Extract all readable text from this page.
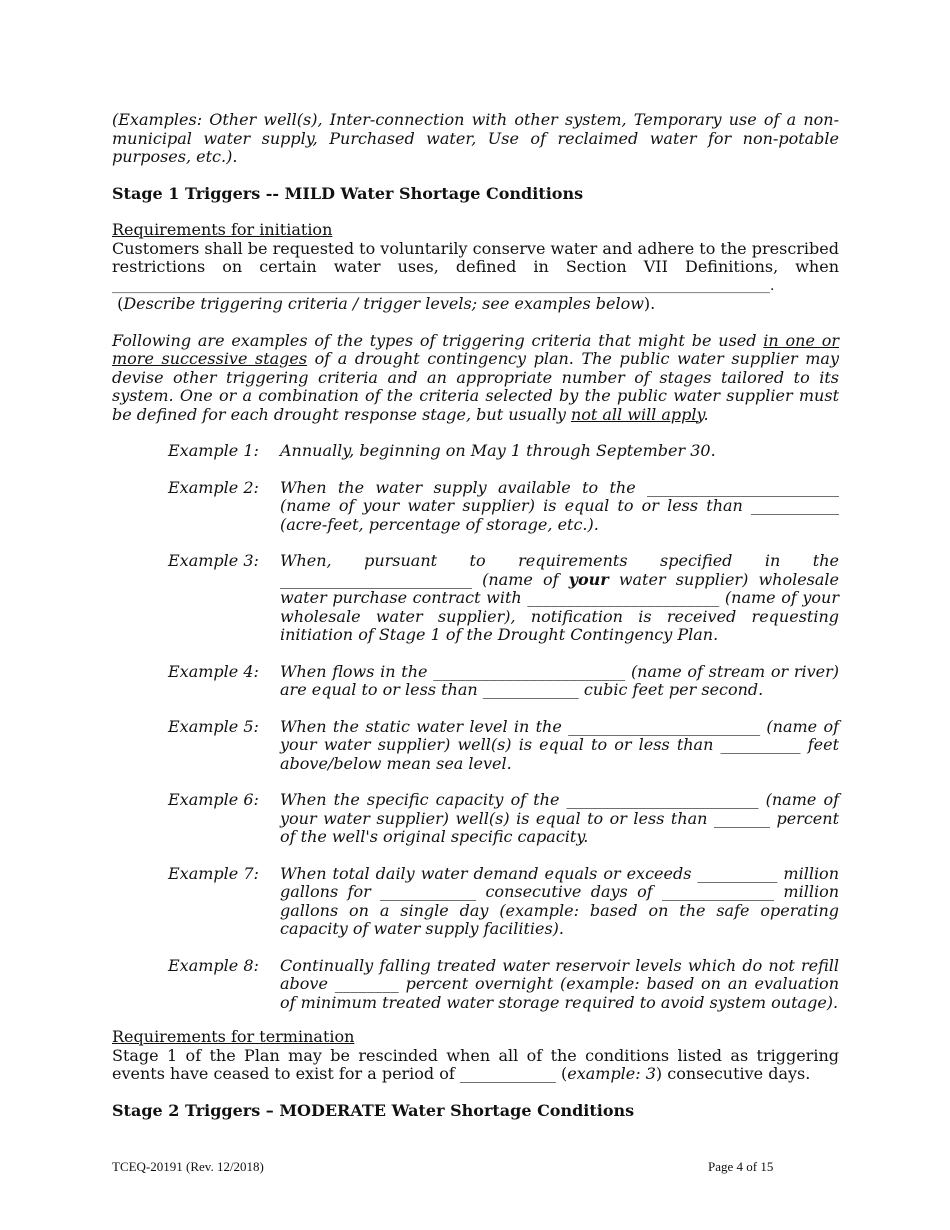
(Examples: Other well(s), Inter-connection with other system, Temporary use of a non-municipal water supply, Purchased water, Use of reclaimed water for non-potable purposes, etc.).

Stage 1 Triggers -- MILD Water Shortage Conditions

Requirements for initiation

Customers shall be requested to voluntarily conserve water and adhere to the prescribed restrictions on certain water uses, defined in Section VII Definitions, when

______________________________________________________________________________________________.

(Describe triggering criteria / trigger levels; see examples below).

Following are examples of the types of triggering criteria that might be used in one or more successive stages of a drought contingency plan. The public water supplier may devise other triggering criteria and an appropriate number of stages tailored to its system. One or a combination of the criteria selected by the public water supplier must be defined for each drought response stage, but usually not all will apply.

Example 1:	Annually, beginning on May 1 through September 30.
Example 2:	When the water supply available to the ________________________ (name of your water supplier) is equal to or less than ___________ (acre-feet, percentage of storage, etc.).
Example 3:	When, pursuant to requirements specified in the ________________________ (name of your water supplier) wholesale water purchase contract with ________________________ (name of your wholesale water supplier), notification is received requesting initiation of Stage 1 of the Drought Contingency Plan.
Example 4:	When flows in the ________________________ (name of stream or river) are equal to or less than ____________ cubic feet per second.
Example 5:	When the static water level in the ________________________ (name of your water supplier) well(s) is equal to or less than __________ feet above/below mean sea level.
Example 6:	When the specific capacity of the ________________________ (name of your water supplier) well(s) is equal to or less than _______ percent of the well's original specific capacity.
Example 7:	When total daily water demand equals or exceeds __________ million gallons for ____________ consecutive days of ______________ million gallons on a single day (example: based on the safe operating capacity of water supply facilities).
Example 8:	Continually falling treated water reservoir levels which do not refill above ________ percent overnight (example: based on an evaluation of minimum treated water storage required to avoid system outage).

Requirements for termination

Stage 1 of the Plan may be rescinded when all of the conditions listed as triggering events have ceased to exist for a period of ____________ (example: 3) consecutive days.

Stage 2 Triggers – MODERATE Water Shortage Conditions
TCEQ-20191 (Rev. 12/2018)	Page 4 of 15
